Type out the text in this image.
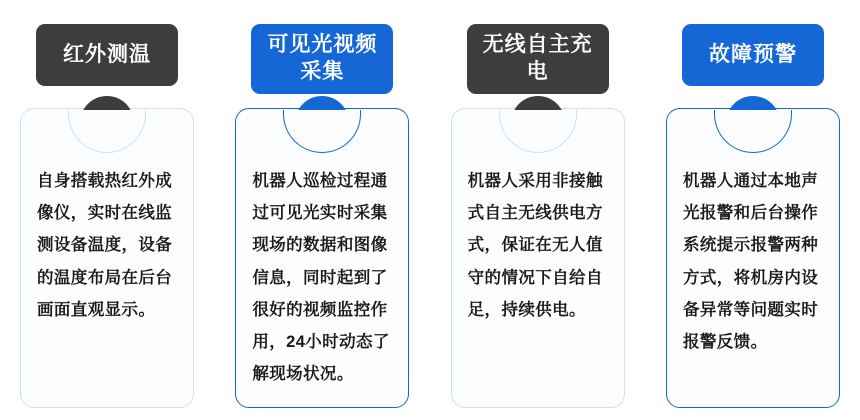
自身搭载热红外成像仪，实时在线监测设备温度，设备的温度布局在后台画面直观显示。
红外测温
机器人巡检过程通过可见光实时采集现场的数据和图像信息，同时起到了很好的视频监控作用，24小时动态了解现场状况。
可见光视频采集
机器人采用非接触式自主无线供电方式，保证在无人值守的情况下自给自足，持续供电。
无线自主充电
机器人通过本地声光报警和后台操作系统提示报警两种方式，将机房内设备异常等问题实时报警反馈。
故障预警
